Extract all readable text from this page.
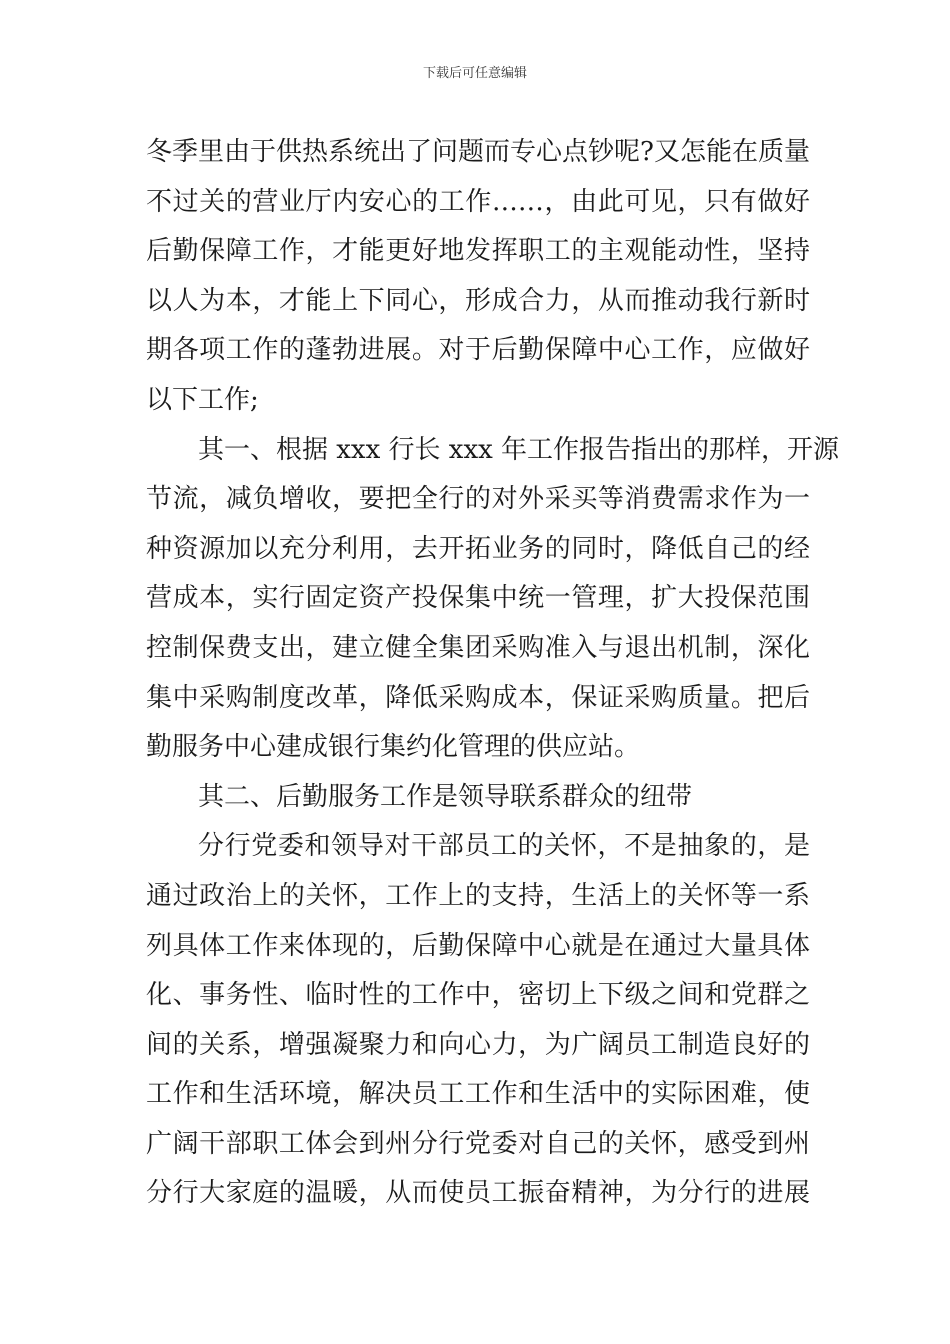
下载后可任意编辑
冬季里由于供热系统出了问题而专心点钞呢?又怎能在质量
不过关的营业厅内安心的工作……，由此可见，只有做好
后勤保障工作，才能更好地发挥职工的主观能动性，坚持
以人为本，才能上下同心，形成合力，从而推动我行新时
期各项工作的蓬勃进展。对于后勤保障中心工作，应做好
以下工作;
其一、根据 xxx 行长 xxx 年工作报告指出的那样，开源
节流，减负增收，要把全行的对外采买等消费需求作为一
种资源加以充分利用，去开拓业务的同时，降低自己的经
营成本，实行固定资产投保集中统一管理，扩大投保范围
控制保费支出，建立健全集团采购准入与退出机制，深化
集中采购制度改革，降低采购成本，保证采购质量。把后
勤服务中心建成银行集约化管理的供应站。
其二、后勤服务工作是领导联系群众的纽带
分行党委和领导对干部员工的关怀，不是抽象的，是
通过政治上的关怀，工作上的支持，生活上的关怀等一系
列具体工作来体现的，后勤保障中心就是在通过大量具体
化、事务性、临时性的工作中，密切上下级之间和党群之
间的关系，增强凝聚力和向心力，为广阔员工制造良好的
工作和生活环境，解决员工工作和生活中的实际困难，使
广阔干部职工体会到州分行党委对自己的关怀，感受到州
分行大家庭的温暖，从而使员工振奋精神，为分行的进展
